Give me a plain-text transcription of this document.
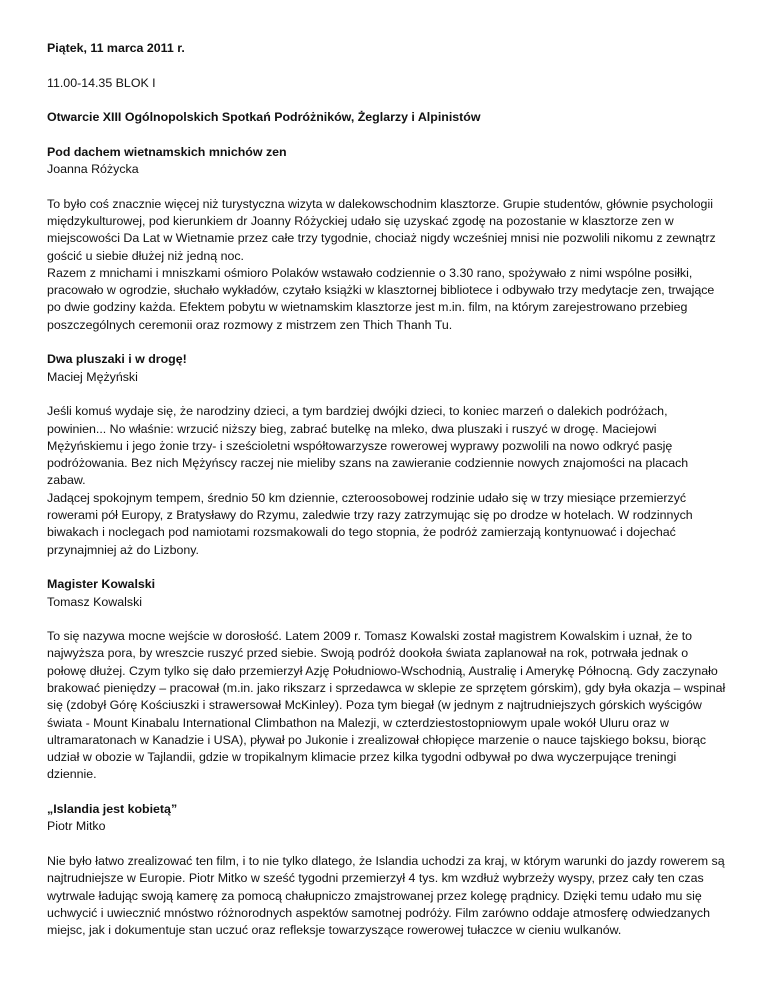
Piątek, 11 marca 2011 r.

11.00-14.35 BLOK I

Otwarcie XIII Ogólnopolskich Spotkań Podróżników, Żeglarzy i Alpinistów

Pod dachem wietnamskich mnichów zen

Joanna Różycka

To było coś znacznie więcej niż turystyczna wizyta w dalekowschodnim klasztorze. Grupie studentów, głównie psychologii międzykulturowej, pod kierunkiem dr Joanny Różyckiej udało się uzyskać zgodę na pozostanie w klasztorze zen w miejscowości Da Lat w Wietnamie przez całe trzy tygodnie, chociaż nigdy wcześniej mnisi nie pozwolili nikomu z zewnątrz gościć u siebie dłużej niż jedną noc.

Razem z mnichami i mniszkami ośmioro Polaków wstawało codziennie o 3.30 rano, spożywało z nimi wspólne posiłki, pracowało w ogrodzie, słuchało wykładów, czytało książki w klasztornej bibliotece i odbywało trzy medytacje zen, trwające po dwie godziny każda. Efektem pobytu w wietnamskim klasztorze jest m.in. film, na którym zarejestrowano przebieg poszczególnych ceremonii oraz rozmowy z mistrzem zen Thich Thanh Tu.

Dwa pluszaki i w drogę!

Maciej Mężyński

Jeśli komuś wydaje się, że narodziny dzieci, a tym bardziej dwójki dzieci, to koniec marzeń o dalekich podróżach, powinien... No właśnie: wrzucić niższy bieg, zabrać butelkę na mleko, dwa pluszaki i ruszyć w drogę. Maciejowi Mężyńskiemu i jego żonie trzy- i sześcioletni współtowarzysze rowerowej wyprawy pozwolili na nowo odkryć pasję podróżowania. Bez nich Mężyńscy raczej nie mieliby szans na zawieranie codziennie nowych znajomości na placach zabaw.

Jadącej spokojnym tempem, średnio 50 km dziennie, czteroosobowej rodzinie udało się w trzy miesiące przemierzyć rowerami pół Europy, z Bratysławy do Rzymu, zaledwie trzy razy zatrzymując się po drodze w hotelach. W rodzinnych biwakach i noclegach pod namiotami rozsmakowali do tego stopnia, że podróż zamierzają kontynuować i dojechać przynajmniej aż do Lizbony.

Magister Kowalski

Tomasz Kowalski

To się nazywa mocne wejście w dorosłość. Latem 2009 r. Tomasz Kowalski został magistrem Kowalskim i uznał, że to najwyższa pora, by wreszcie ruszyć przed siebie. Swoją podróż dookoła świata zaplanował na rok, potrwała jednak o połowę dłużej. Czym tylko się dało przemierzył Azję Południowo-Wschodnią, Australię i Amerykę Północną. Gdy zaczynało brakować pieniędzy – pracował (m.in. jako rikszarz i sprzedawca w sklepie ze sprzętem górskim), gdy była okazja – wspinał się (zdobył Górę Kościuszki i strawersował McKinley). Poza tym biegał (w jednym z najtrudniejszych górskich wyścigów świata - Mount Kinabalu International Climbathon na Malezji, w czterdziestostopniowym upale wokół Uluru oraz w ultramaratonach w Kanadzie i USA), pływał po Jukonie i zrealizował chłopięce marzenie o nauce tajskiego boksu, biorąc udział w obozie w Tajlandii, gdzie w tropikalnym klimacie przez kilka tygodni odbywał po dwa wyczerpujące treningi dziennie.

„Islandia jest kobietą”

Piotr Mitko

Nie było łatwo zrealizować ten film, i to nie tylko dlatego, że Islandia uchodzi za kraj, w którym warunki do jazdy rowerem są najtrudniejsze w Europie. Piotr Mitko w sześć tygodni przemierzył 4 tys. km wzdłuż wybrzeży wyspy, przez cały ten czas wytrwale ładując swoją kamerę za pomocą chałupniczo zmajstrowanej przez kolegę prądnicy. Dzięki temu udało mu się uchwycić i uwiecznić mnóstwo różnorodnych aspektów samotnej podróży. Film zarówno oddaje atmosferę odwiedzanych miejsc, jak i dokumentuje stan uczuć oraz refleksje towarzyszące rowerowej tułaczce w cieniu wulkanów.
